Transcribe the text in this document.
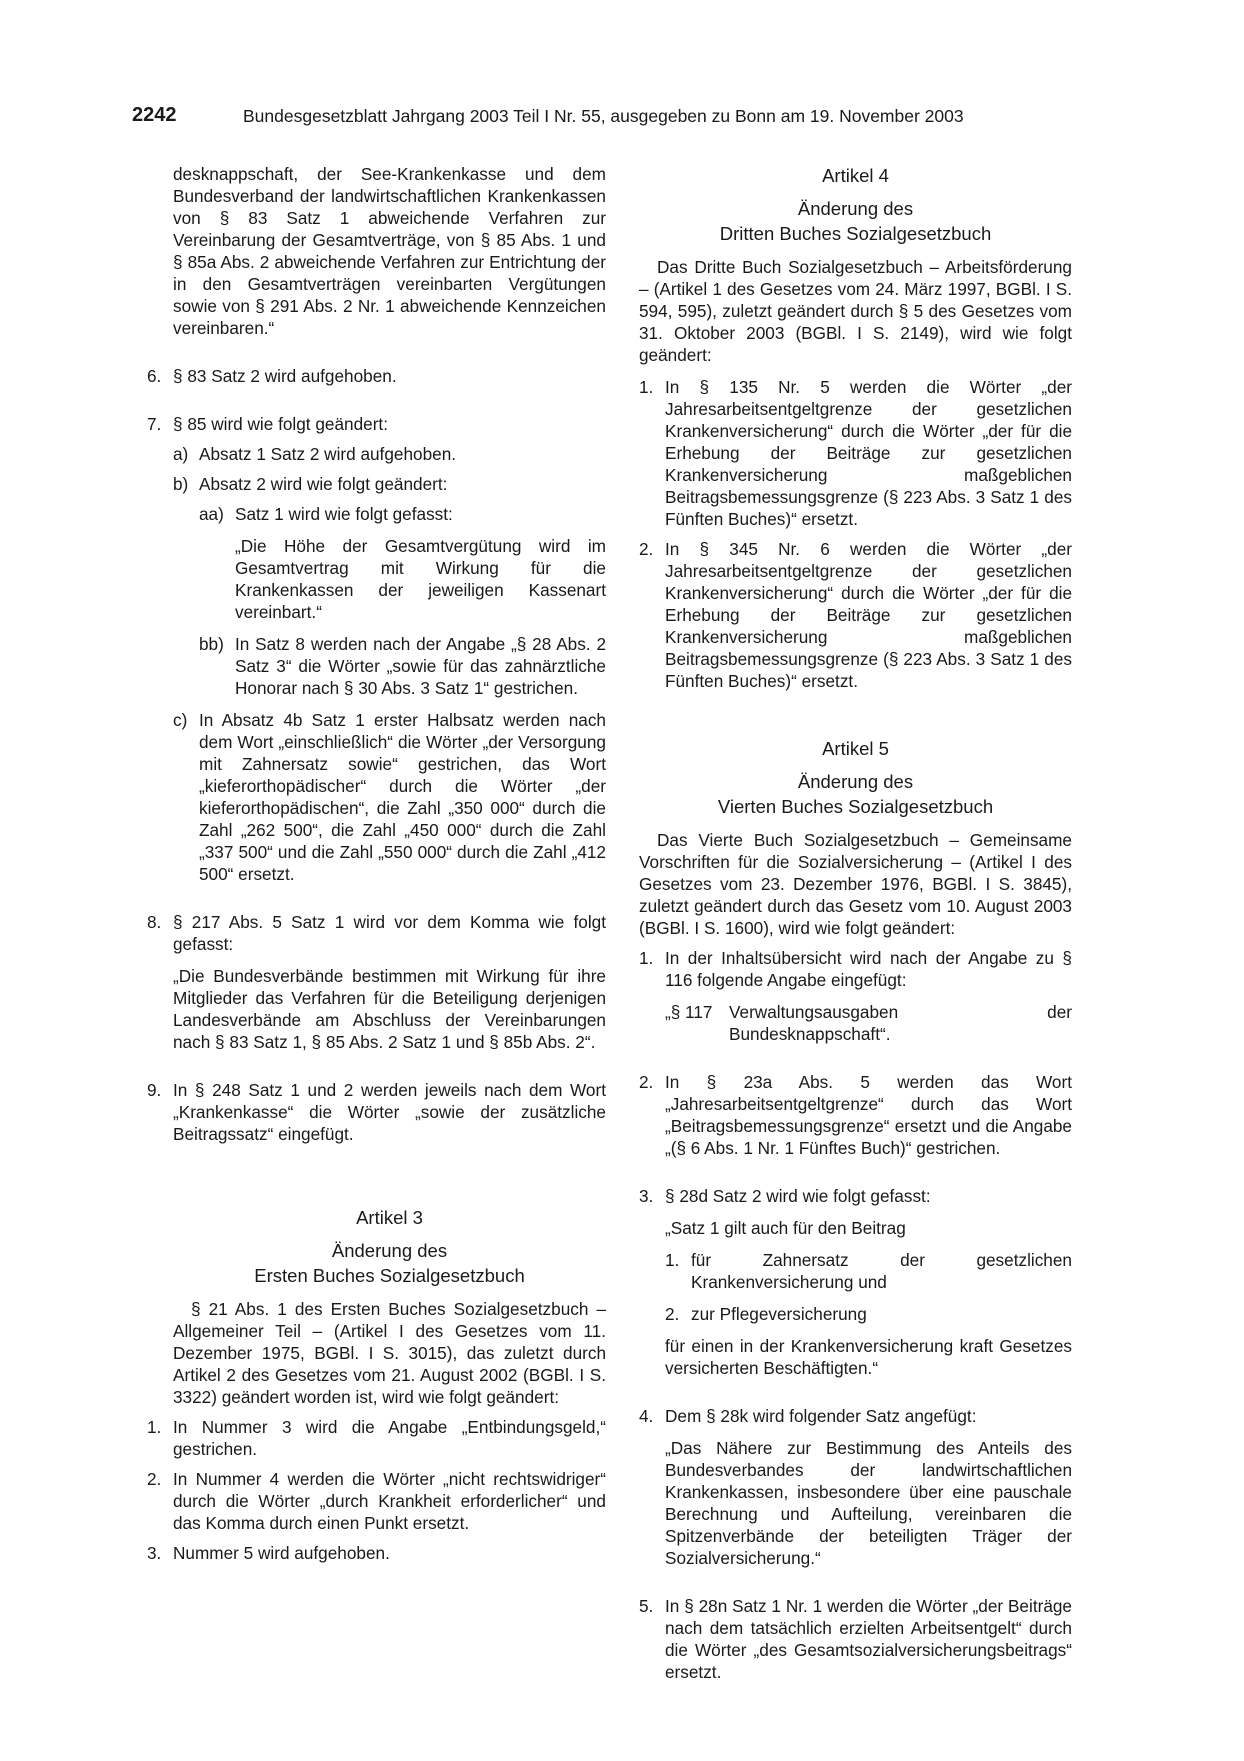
2242	Bundesgesetzblatt Jahrgang 2003 Teil I Nr. 55, ausgegeben zu Bonn am 19. November 2003

desknappschaft, der See-Krankenkasse und dem Bundesverband der landwirtschaftlichen Krankenkassen von § 83 Satz 1 abweichende Verfahren zur Vereinbarung der Gesamtverträge, von § 85 Abs. 1 und § 85a Abs. 2 abweichende Verfahren zur Entrichtung der in den Gesamtverträgen vereinbarten Vergütungen sowie von § 291 Abs. 2 Nr. 1 abweichende Kennzeichen vereinbaren.“

6. § 83 Satz 2 wird aufgehoben.

7. § 85 wird wie folgt geändert:

a) Absatz 1 Satz 2 wird aufgehoben.

b) Absatz 2 wird wie folgt geändert:

aa) Satz 1 wird wie folgt gefasst:

„Die Höhe der Gesamtvergütung wird im Gesamtvertrag mit Wirkung für die Krankenkassen der jeweiligen Kassenart vereinbart.“

bb) In Satz 8 werden nach der Angabe „§ 28 Abs. 2 Satz 3“ die Wörter „sowie für das zahnärztliche Honorar nach § 30 Abs. 3 Satz 1“ gestrichen.

c) In Absatz 4b Satz 1 erster Halbsatz werden nach dem Wort „einschließlich“ die Wörter „der Versorgung mit Zahnersatz sowie“ gestrichen, das Wort „kieferorthopädischer“ durch die Wörter „der kieferorthopädischen“, die Zahl „350 000“ durch die Zahl „262 500“, die Zahl „450 000“ durch die Zahl „337 500“ und die Zahl „550 000“ durch die Zahl „412 500“ ersetzt.

8. § 217 Abs. 5 Satz 1 wird vor dem Komma wie folgt gefasst:

„Die Bundesverbände bestimmen mit Wirkung für ihre Mitglieder das Verfahren für die Beteiligung derjenigen Landesverbände am Abschluss der Vereinbarungen nach § 83 Satz 1, § 85 Abs. 2 Satz 1 und § 85b Abs. 2“.

9. In § 248 Satz 1 und 2 werden jeweils nach dem Wort „Krankenkasse“ die Wörter „sowie der zusätzliche Beitragssatz“ eingefügt.

Artikel 3

Änderung des

Ersten Buches Sozialgesetzbuch

§ 21 Abs. 1 des Ersten Buches Sozialgesetzbuch – Allgemeiner Teil – (Artikel I des Gesetzes vom 11. Dezember 1975, BGBl. I S. 3015), das zuletzt durch Artikel 2 des Gesetzes vom 21. August 2002 (BGBl. I S. 3322) geändert worden ist, wird wie folgt geändert:

1. In Nummer 3 wird die Angabe „Entbindungsgeld,“ gestrichen.

2. In Nummer 4 werden die Wörter „nicht rechtswidriger“ durch die Wörter „durch Krankheit erforderlicher“ und das Komma durch einen Punkt ersetzt.

3. Nummer 5 wird aufgehoben.

Artikel 4

Änderung des

Dritten Buches Sozialgesetzbuch

Das Dritte Buch Sozialgesetzbuch – Arbeitsförderung – (Artikel 1 des Gesetzes vom 24. März 1997, BGBl. I S. 594, 595), zuletzt geändert durch § 5 des Gesetzes vom 31. Oktober 2003 (BGBl. I S. 2149), wird wie folgt geändert:

1. In § 135 Nr. 5 werden die Wörter „der Jahresarbeitsentgeltgrenze der gesetzlichen Krankenversicherung“ durch die Wörter „der für die Erhebung der Beiträge zur gesetzlichen Krankenversicherung maßgeblichen Beitragsbemessungsgrenze (§ 223 Abs. 3 Satz 1 des Fünften Buches)“ ersetzt.

2. In § 345 Nr. 6 werden die Wörter „der Jahresarbeitsentgeltgrenze der gesetzlichen Krankenversicherung“ durch die Wörter „der für die Erhebung der Beiträge zur gesetzlichen Krankenversicherung maßgeblichen Beitragsbemessungsgrenze (§ 223 Abs. 3 Satz 1 des Fünften Buches)“ ersetzt.

Artikel 5

Änderung des

Vierten Buches Sozialgesetzbuch

Das Vierte Buch Sozialgesetzbuch – Gemeinsame Vorschriften für die Sozialversicherung – (Artikel I des Gesetzes vom 23. Dezember 1976, BGBl. I S. 3845), zuletzt geändert durch das Gesetz vom 10. August 2003 (BGBl. I S. 1600), wird wie folgt geändert:

1. In der Inhaltsübersicht wird nach der Angabe zu § 116 folgende Angabe eingefügt:

„§ 117 Verwaltungsausgaben der Bundesknappschaft“.

2. In § 23a Abs. 5 werden das Wort „Jahresarbeitsentgeltgrenze“ durch das Wort „Beitragsbemessungsgrenze“ ersetzt und die Angabe „(§ 6 Abs. 1 Nr. 1 Fünftes Buch)“ gestrichen.

3. § 28d Satz 2 wird wie folgt gefasst:

„Satz 1 gilt auch für den Beitrag

1. für Zahnersatz der gesetzlichen Krankenversicherung und

2. zur Pflegeversicherung

für einen in der Krankenversicherung kraft Gesetzes versicherten Beschäftigten.“

4. Dem § 28k wird folgender Satz angefügt:

„Das Nähere zur Bestimmung des Anteils des Bundesverbandes der landwirtschaftlichen Krankenkassen, insbesondere über eine pauschale Berechnung und Aufteilung, vereinbaren die Spitzenverbände der beteiligten Träger der Sozialversicherung.“

5. In § 28n Satz 1 Nr. 1 werden die Wörter „der Beiträge nach dem tatsächlich erzielten Arbeitsentgelt“ durch die Wörter „des Gesamtsozialversicherungsbeitrags“ ersetzt.
